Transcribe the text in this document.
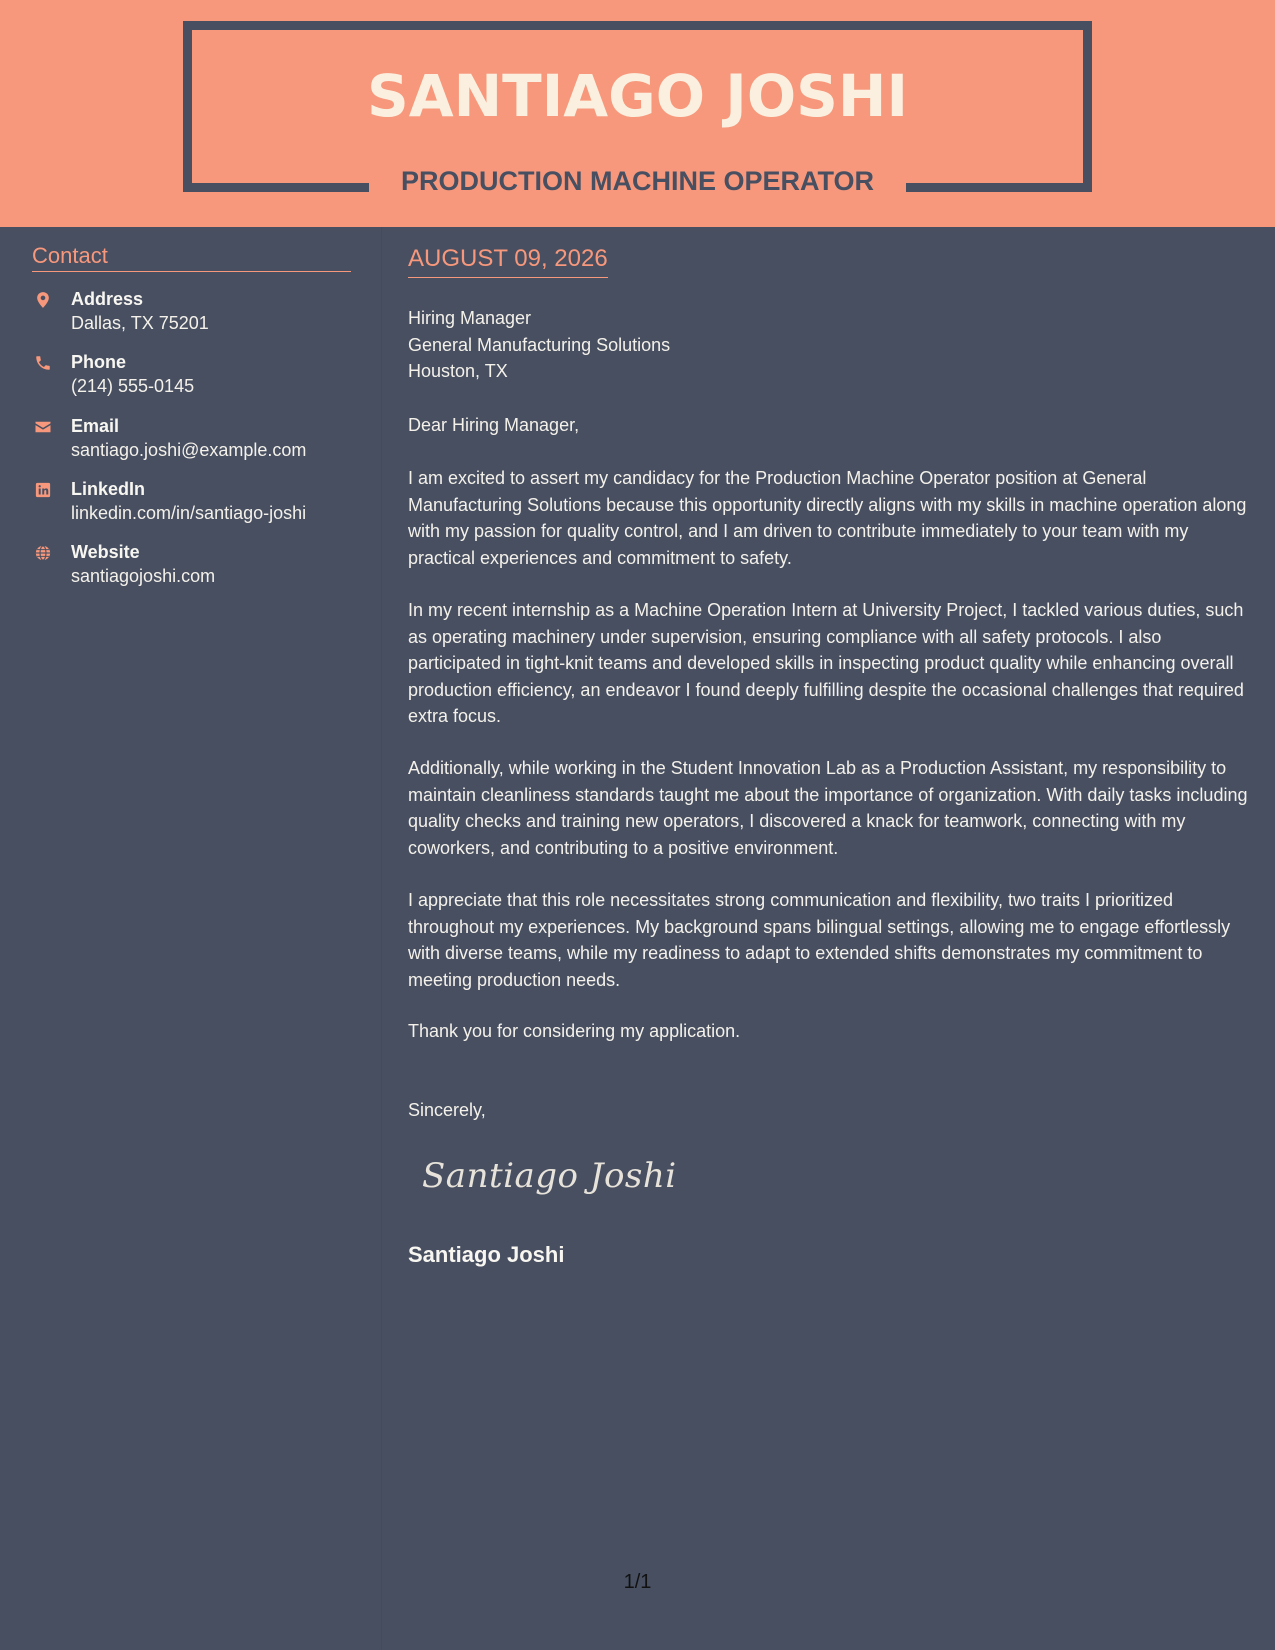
SANTIAGO JOSHI
PRODUCTION MACHINE OPERATOR
Contact
Address
Dallas, TX 75201
Phone
(214) 555-0145
Email
santiago.joshi@example.com
LinkedIn
linkedin.com/in/santiago-joshi
Website
santiagojoshi.com
AUGUST 09, 2026
Hiring Manager
General Manufacturing Solutions
Houston, TX
Dear Hiring Manager,
I am excited to assert my candidacy for the Production Machine Operator position at General Manufacturing Solutions because this opportunity directly aligns with my skills in machine operation along with my passion for quality control, and I am driven to contribute immediately to your team with my practical experiences and commitment to safety.
In my recent internship as a Machine Operation Intern at University Project, I tackled various duties, such as operating machinery under supervision, ensuring compliance with all safety protocols. I also participated in tight-knit teams and developed skills in inspecting product quality while enhancing overall production efficiency, an endeavor I found deeply fulfilling despite the occasional challenges that required extra focus.
Additionally, while working in the Student Innovation Lab as a Production Assistant, my responsibility to maintain cleanliness standards taught me about the importance of organization. With daily tasks including quality checks and training new operators, I discovered a knack for teamwork, connecting with my coworkers, and contributing to a positive environment.
I appreciate that this role necessitates strong communication and flexibility, two traits I prioritized throughout my experiences. My background spans bilingual settings, allowing me to engage effortlessly with diverse teams, while my readiness to adapt to extended shifts demonstrates my commitment to meeting production needs.
Thank you for considering my application.
Sincerely,
Santiago Joshi
Santiago Joshi
1/1
